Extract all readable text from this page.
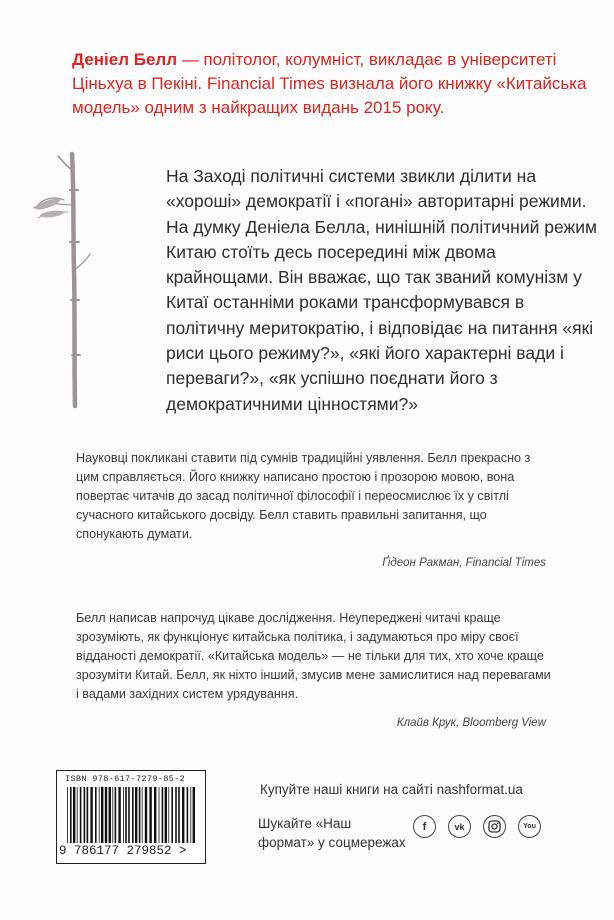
Деніел Белл — політолог, колумніст, викладає в університеті Ціньхуа в Пекіні. Financial Times визнала його книжку «Китайська модель» одним з найкращих видань 2015 року.

На Заході політичні системи звикли ділити на «хороші» демократії і «погані» авторитарні режими. На думку Деніела Белла, нинішній політичний режим Китаю стоїть десь посередині між двома крайнощами. Він вважає, що так званий комунізм у Китаї останніми роками трансформувався в політичну меритократію, і відповідає на питання «які риси цього режиму?», «які його характерні вади і переваги?», «як успішно поєднати його з демократичними цінностями?»

Науковці покликані ставити під сумнів традиційні уявлення. Белл прекрасно з цим справляється. Його книжку написано простою і прозорою мовою, вона повертає читачів до засад політичної філософії і переосмислює їх у світлі сучасного китайського досвіду. Белл ставить правильні запитання, що спонукають думати.

Ґідеон Ракман, Financial Times

Белл написав напрочуд цікаве дослідження. Неупереджені читачі краще зрозуміють, як функціонує китайська політика, і задумаються про міру своєї відданості демократії. «Китайська модель» — не тільки для тих, хто хоче краще зрозуміти Китай. Белл, як ніхто інший, змусив мене замислитися над перевагами і вадами західних систем урядування.

Клайв Крук, Bloomberg View
ISBN 978-617-7279-85-2
9 786177 279852 >

Купуйте наші книги на сайті nashformat.ua

Шукайте «Наш формат» у соцмережах

f	vk	You
